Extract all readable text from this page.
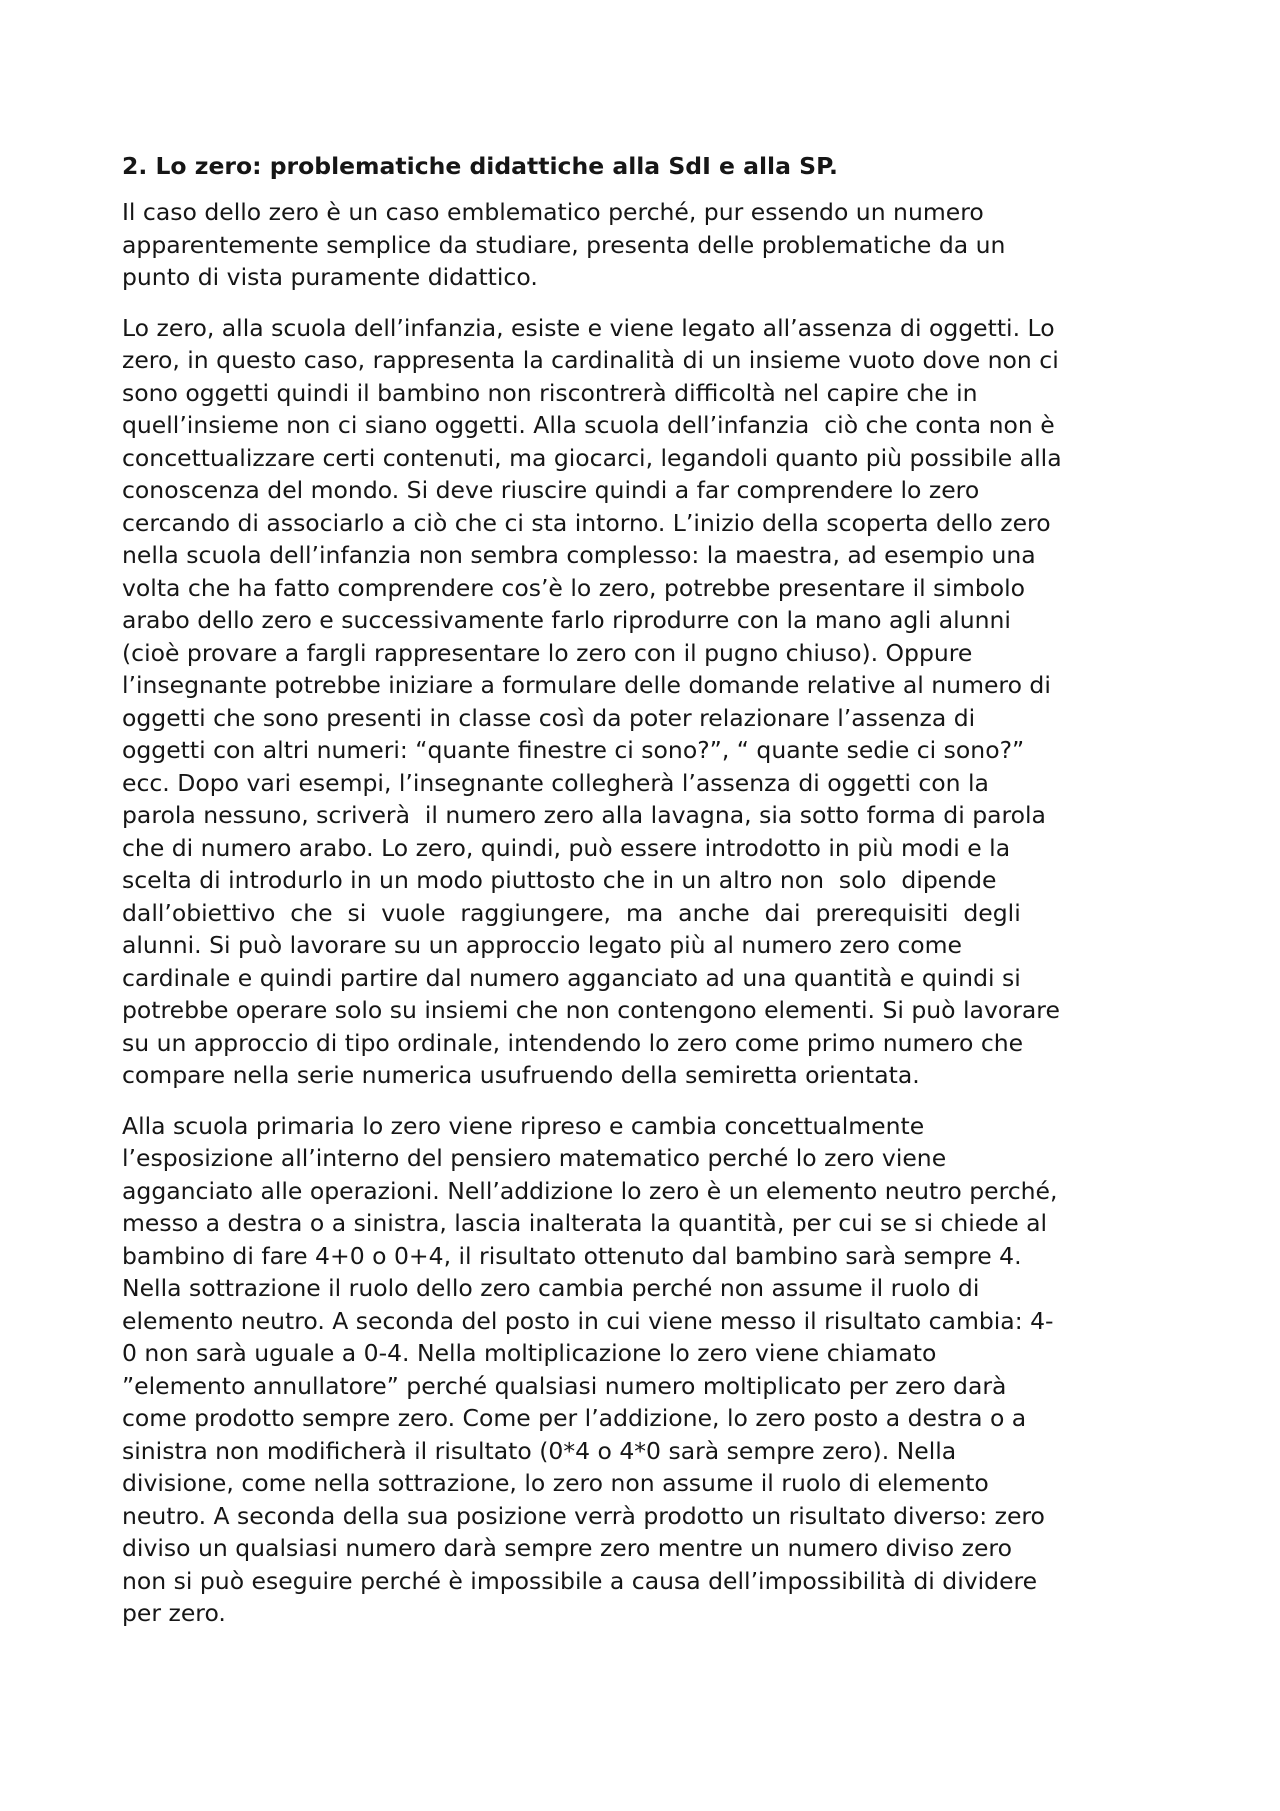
2. Lo zero: problematiche didattiche alla SdI e alla SP.
Il caso dello zero è un caso emblematico perché, pur essendo un numero
apparentemente semplice da studiare, presenta delle problematiche da un
punto di vista puramente didattico.
Lo zero, alla scuola dell’infanzia, esiste e viene legato all’assenza di oggetti. Lo
zero, in questo caso, rappresenta la cardinalità di un insieme vuoto dove non ci
sono oggetti quindi il bambino non riscontrerà difficoltà nel capire che in
quell’insieme non ci siano oggetti. Alla scuola dell’infanzia  ciò che conta non è
concettualizzare certi contenuti, ma giocarci, legandoli quanto più possibile alla
conoscenza del mondo. Si deve riuscire quindi a far comprendere lo zero
cercando di associarlo a ciò che ci sta intorno. L’inizio della scoperta dello zero
nella scuola dell’infanzia non sembra complesso: la maestra, ad esempio una
volta che ha fatto comprendere cos’è lo zero, potrebbe presentare il simbolo
arabo dello zero e successivamente farlo riprodurre con la mano agli alunni
(cioè provare a fargli rappresentare lo zero con il pugno chiuso). Oppure
l’insegnante potrebbe iniziare a formulare delle domande relative al numero di
oggetti che sono presenti in classe così da poter relazionare l’assenza di
oggetti con altri numeri: “quante finestre ci sono?”, “ quante sedie ci sono?”
ecc. Dopo vari esempi, l’insegnante collegherà l’assenza di oggetti con la
parola nessuno, scriverà  il numero zero alla lavagna, sia sotto forma di parola
che di numero arabo. Lo zero, quindi, può essere introdotto in più modi e la
scelta di introdurlo in un modo piuttosto che in un altro non  solo  dipende
dall’obiettivo  che  si  vuole  raggiungere,  ma  anche  dai  prerequisiti  degli
alunni. Si può lavorare su un approccio legato più al numero zero come
cardinale e quindi partire dal numero agganciato ad una quantità e quindi si
potrebbe operare solo su insiemi che non contengono elementi. Si può lavorare
su un approccio di tipo ordinale, intendendo lo zero come primo numero che
compare nella serie numerica usufruendo della semiretta orientata.
Alla scuola primaria lo zero viene ripreso e cambia concettualmente
l’esposizione all’interno del pensiero matematico perché lo zero viene
agganciato alle operazioni. Nell’addizione lo zero è un elemento neutro perché,
messo a destra o a sinistra, lascia inalterata la quantità, per cui se si chiede al
bambino di fare 4+0 o 0+4, il risultato ottenuto dal bambino sarà sempre 4.
Nella sottrazione il ruolo dello zero cambia perché non assume il ruolo di
elemento neutro. A seconda del posto in cui viene messo il risultato cambia: 4-
0 non sarà uguale a 0-4. Nella moltiplicazione lo zero viene chiamato
”elemento annullatore” perché qualsiasi numero moltiplicato per zero darà
come prodotto sempre zero. Come per l’addizione, lo zero posto a destra o a
sinistra non modificherà il risultato (0*4 o 4*0 sarà sempre zero). Nella
divisione, come nella sottrazione, lo zero non assume il ruolo di elemento
neutro. A seconda della sua posizione verrà prodotto un risultato diverso: zero
diviso un qualsiasi numero darà sempre zero mentre un numero diviso zero
non si può eseguire perché è impossibile a causa dell’impossibilità di dividere
per zero.
